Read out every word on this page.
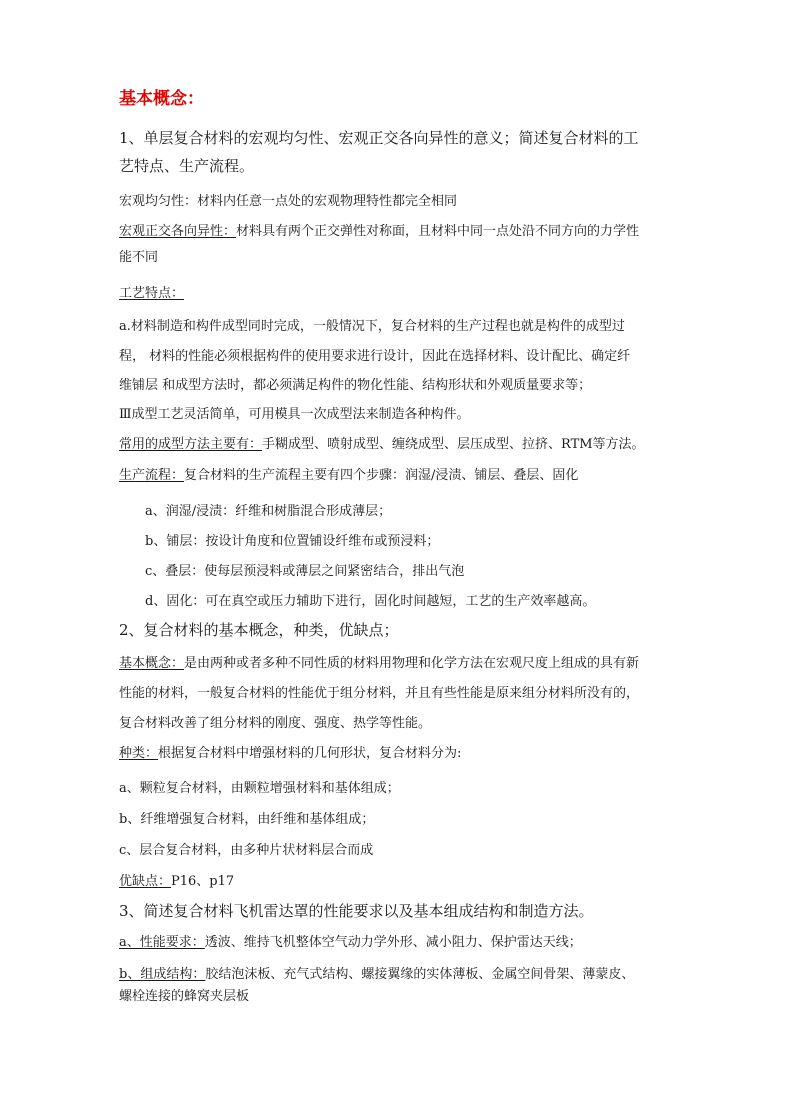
基本概念：
1、单层复合材料的宏观均匀性、宏观正交各向异性的意义；简述复合材料的工
艺特点、生产流程。
宏观均匀性：材料内任意一点处的宏观物理特性都完全相同
宏观正交各向异性：材料具有两个正交弹性对称面，且材料中同一点处沿不同方向的力学性
能不同
工艺特点：
a.材料制造和构件成型同时完成，一般情况下，复合材料的生产过程也就是构件的成型过
程， 材料的性能必须根据构件的使用要求进行设计，因此在选择材料、设计配比、确定纤
维铺层 和成型方法时，都必须满足构件的物化性能、结构形状和外观质量要求等；
Ⅲ成型工艺灵活简单，可用模具一次成型法来制造各种构件。
常用的成型方法主要有：手糊成型、喷射成型、缠绕成型、层压成型、拉挤、RTM等方法。
生产流程：复合材料的生产流程主要有四个步骤：润湿/浸渍、铺层、叠层、固化
a、润湿/浸渍：纤维和树脂混合形成薄层；
b、铺层：按设计角度和位置铺设纤维布或预浸料；
c、叠层：使每层预浸料或薄层之间紧密结合，排出气泡
d、固化：可在真空或压力辅助下进行，固化时间越短，工艺的生产效率越高。
2、复合材料的基本概念，种类，优缺点；
基本概念：是由两种或者多种不同性质的材料用物理和化学方法在宏观尺度上组成的具有新
性能的材料，一般复合材料的性能优于组分材料，并且有些性能是原来组分材料所没有的，
复合材料改善了组分材料的刚度、强度、热学等性能。
种类：根据复合材料中增强材料的几何形状，复合材料分为:
a、颗粒复合材料，由颗粒增强材料和基体组成；
b、纤维增强复合材料，由纤维和基体组成；
c、层合复合材料，由多种片状材料层合而成
优缺点：P16、p17
3、简述复合材料飞机雷达罩的性能要求以及基本组成结构和制造方法。
a、性能要求：透波、维持飞机整体空气动力学外形、减小阻力、保护雷达天线；
b、组成结构：胶结泡沫板、充气式结构、螺接翼缘的实体薄板、金属空间骨架、薄蒙皮、
螺栓连接的蜂窝夹层板
